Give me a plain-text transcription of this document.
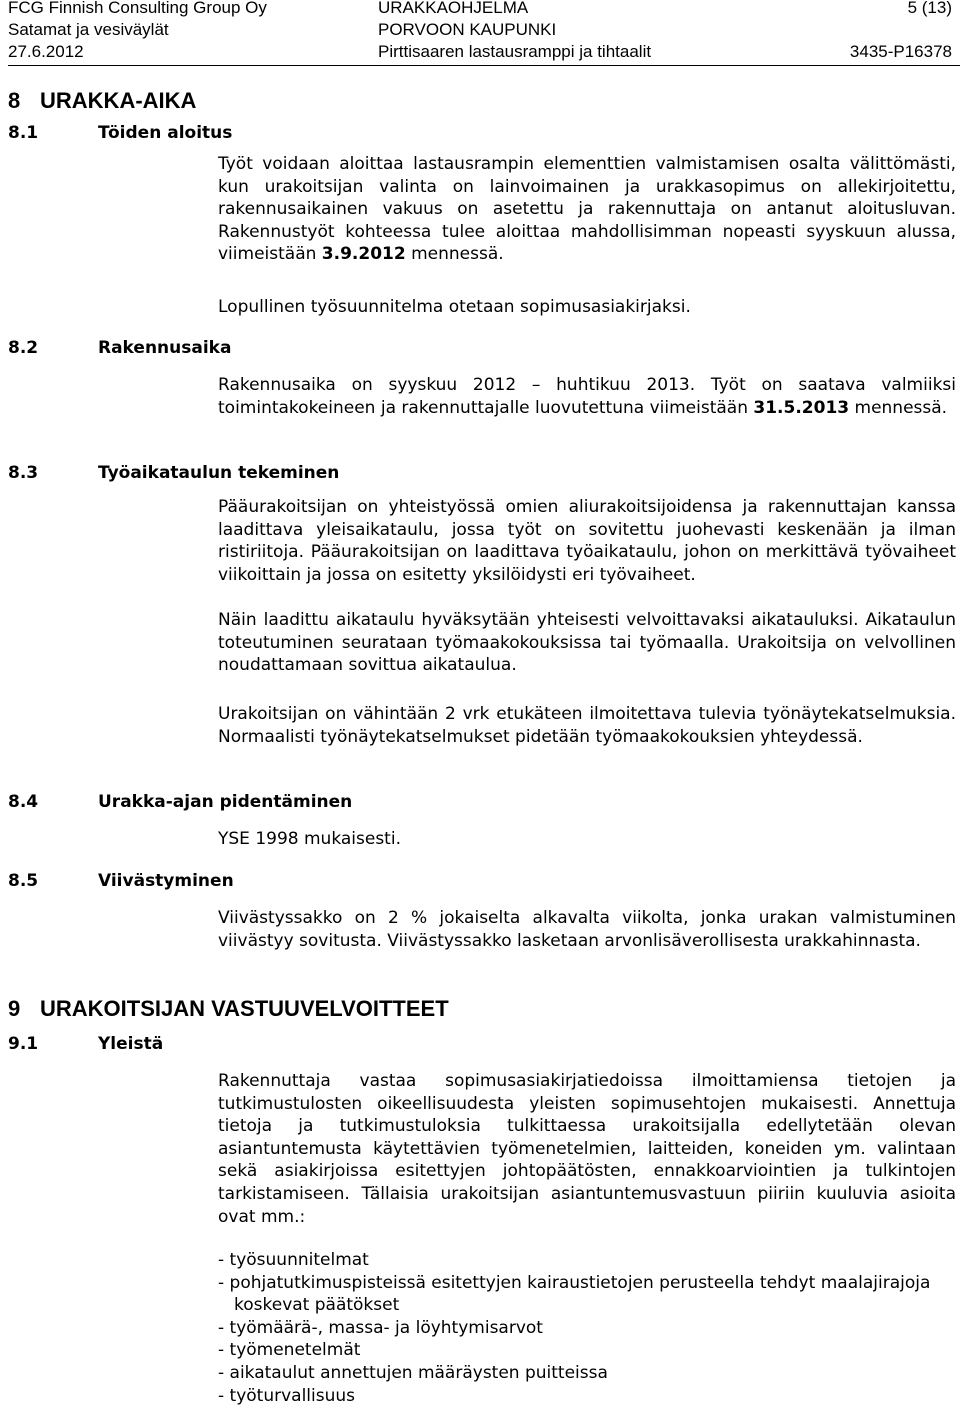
FCG Finnish Consulting Group Oy
Satamat ja vesiväylät
27.6.2012
URAKKAOHJELMA
PORVOON KAUPUNKI
Pirttisaaren lastausramppi ja tihtaalit
5 (13)
3435-P16378
8 URAKKA-AIKA
8.1	Töiden aloitus
Työt voidaan aloittaa lastausrampin elementtien valmistamisen osalta välittömästi, kun urakoitsijan valinta on lainvoimainen ja urakkasopimus on allekirjoitettu, rakennusaikainen vakuus on asetettu ja rakennuttaja on antanut aloitusluvan. Rakennustyöt kohteessa tulee aloittaa mahdollisimman nopeasti syyskuun alussa, viimeistään 3.9.2012 mennessä.
Lopullinen työsuunnitelma otetaan sopimusasiakirjaksi.
8.2	Rakennusaika
Rakennusaika on syyskuu 2012 – huhtikuu 2013. Työt on saatava valmiiksi toimintakokeineen ja rakennuttajalle luovutettuna viimeistään 31.5.2013 mennessä.
8.3	Työaikataulun tekeminen
Pääurakoitsijan on yhteistyössä omien aliurakoitsijoidensa ja rakennuttajan kanssa laadittava yleisaikataulu, jossa työt on sovitettu juohevasti keskenään ja ilman ristiriitoja. Pääurakoitsijan on laadittava työaikataulu, johon on merkittävä työvaiheet viikoittain ja jossa on esitetty yksilöidysti eri työvaiheet.
Näin laadittu aikataulu hyväksytään yhteisesti velvoittavaksi aikatauluksi. Aikataulun toteutuminen seurataan työmaakokouksissa tai työmaalla. Urakoitsija on velvollinen noudattamaan sovittua aikataulua.
Urakoitsijan on vähintään 2 vrk etukäteen ilmoitettava tulevia työnäytekatselmuksia. Normaalisti työnäytekatselmukset pidetään työmaakokouksien yhteydessä.
8.4	Urakka-ajan pidentäminen
YSE 1998 mukaisesti.
8.5	Viivästyminen
Viivästyssakko on 2 % jokaiselta alkavalta viikolta, jonka urakan valmistuminen viivästyy sovitusta. Viivästyssakko lasketaan arvonlisäverollisesta urakkahinnasta.
9 URAKOITSIJAN VASTUUVELVOITTEET
9.1	Yleistä
Rakennuttaja vastaa sopimusasiakirjatiedoissa ilmoittamiensa tietojen ja tutkimustulosten oikeellisuudesta yleisten sopimusehtojen mukaisesti. Annettuja tietoja ja tutkimustuloksia tulkittaessa urakoitsijalla edellytetään olevan asiantuntemusta käytettävien työmenetelmien, laitteiden, koneiden ym. valintaan sekä asiakirjoissa esitettyjen johtopäätösten, ennakkoarviointien ja tulkintojen tarkistamiseen. Tällaisia urakoitsijan asiantuntemusvastuun piiriin kuuluvia asioita ovat mm.:
- työsuunnitelmat
- pohjatutkimuspisteissä esitettyjen kairaustietojen perusteella tehdyt maalajirajoja koskevat päätökset
- työmäärä-, massa- ja löyhtymisarvot
- työmenetelmät
- aikataulut annettujen määräysten puitteissa
- työturvallisuus
